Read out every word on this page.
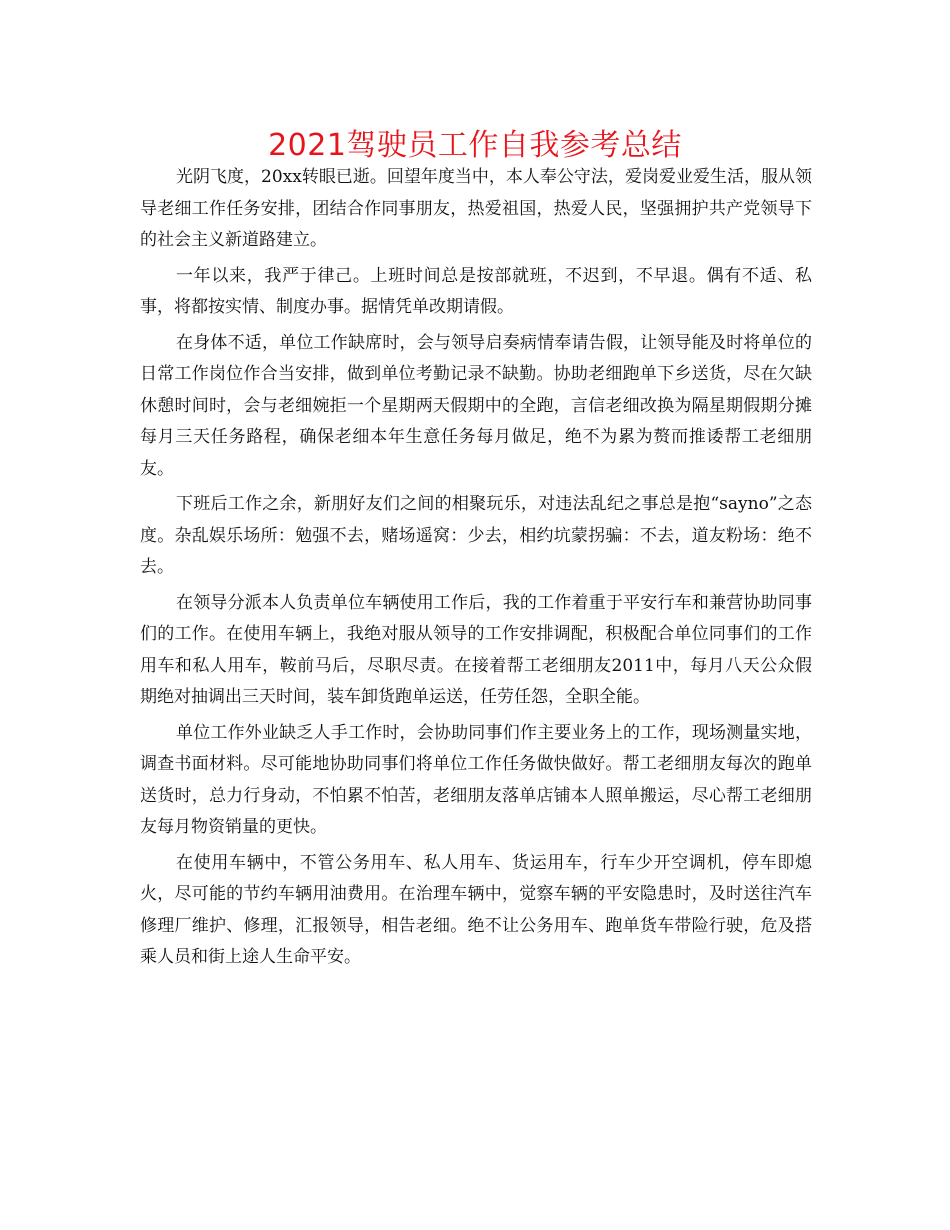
2021驾驶员工作自我参考总结

光阴飞度，20xx转眼已逝。回望年度当中，本人奉公守法，爱岗爱业爱生活，服从领导老细工作任务安排，团结合作同事朋友，热爱祖国，热爱人民，坚强拥护共产党领导下的社会主义新道路建立。

一年以来，我严于律己。上班时间总是按部就班，不迟到，不早退。偶有不适、私事，将都按实情、制度办事。据情凭单改期请假。

在身体不适，单位工作缺席时，会与领导启奏病情奉请告假，让领导能及时将单位的日常工作岗位作合当安排，做到单位考勤记录不缺勤。协助老细跑单下乡送货，尽在欠缺休憩时间时，会与老细婉拒一个星期两天假期中的全跑，言信老细改换为隔星期假期分摊每月三天任务路程，确保老细本年生意任务每月做足，绝不为累为赘而推诿帮工老细朋友。

下班后工作之余，新朋好友们之间的相聚玩乐，对违法乱纪之事总是抱“sayno”之态度。杂乱娱乐场所：勉强不去，赌场遥窝：少去，相约坑蒙拐骗：不去，道友粉场：绝不去。

在领导分派本人负责单位车辆使用工作后，我的工作着重于平安行车和兼营协助同事们的工作。在使用车辆上，我绝对服从领导的工作安排调配，积极配合单位同事们的工作用车和私人用车，鞍前马后，尽职尽责。在接着帮工老细朋友2011中，每月八天公众假期绝对抽调出三天时间，装车卸货跑单运送，任劳任怨，全职全能。

单位工作外业缺乏人手工作时，会协助同事们作主要业务上的工作，现场测量实地，调查书面材料。尽可能地协助同事们将单位工作任务做快做好。帮工老细朋友每次的跑单送货时，总力行身动，不怕累不怕苦，老细朋友落单店铺本人照单搬运，尽心帮工老细朋友每月物资销量的更快。

在使用车辆中，不管公务用车、私人用车、货运用车，行车少开空调机，停车即熄火，尽可能的节约车辆用油费用。在治理车辆中，觉察车辆的平安隐患时，及时送往汽车修理厂维护、修理，汇报领导，相告老细。绝不让公务用车、跑单货车带险行驶，危及搭乘人员和街上途人生命平安。
